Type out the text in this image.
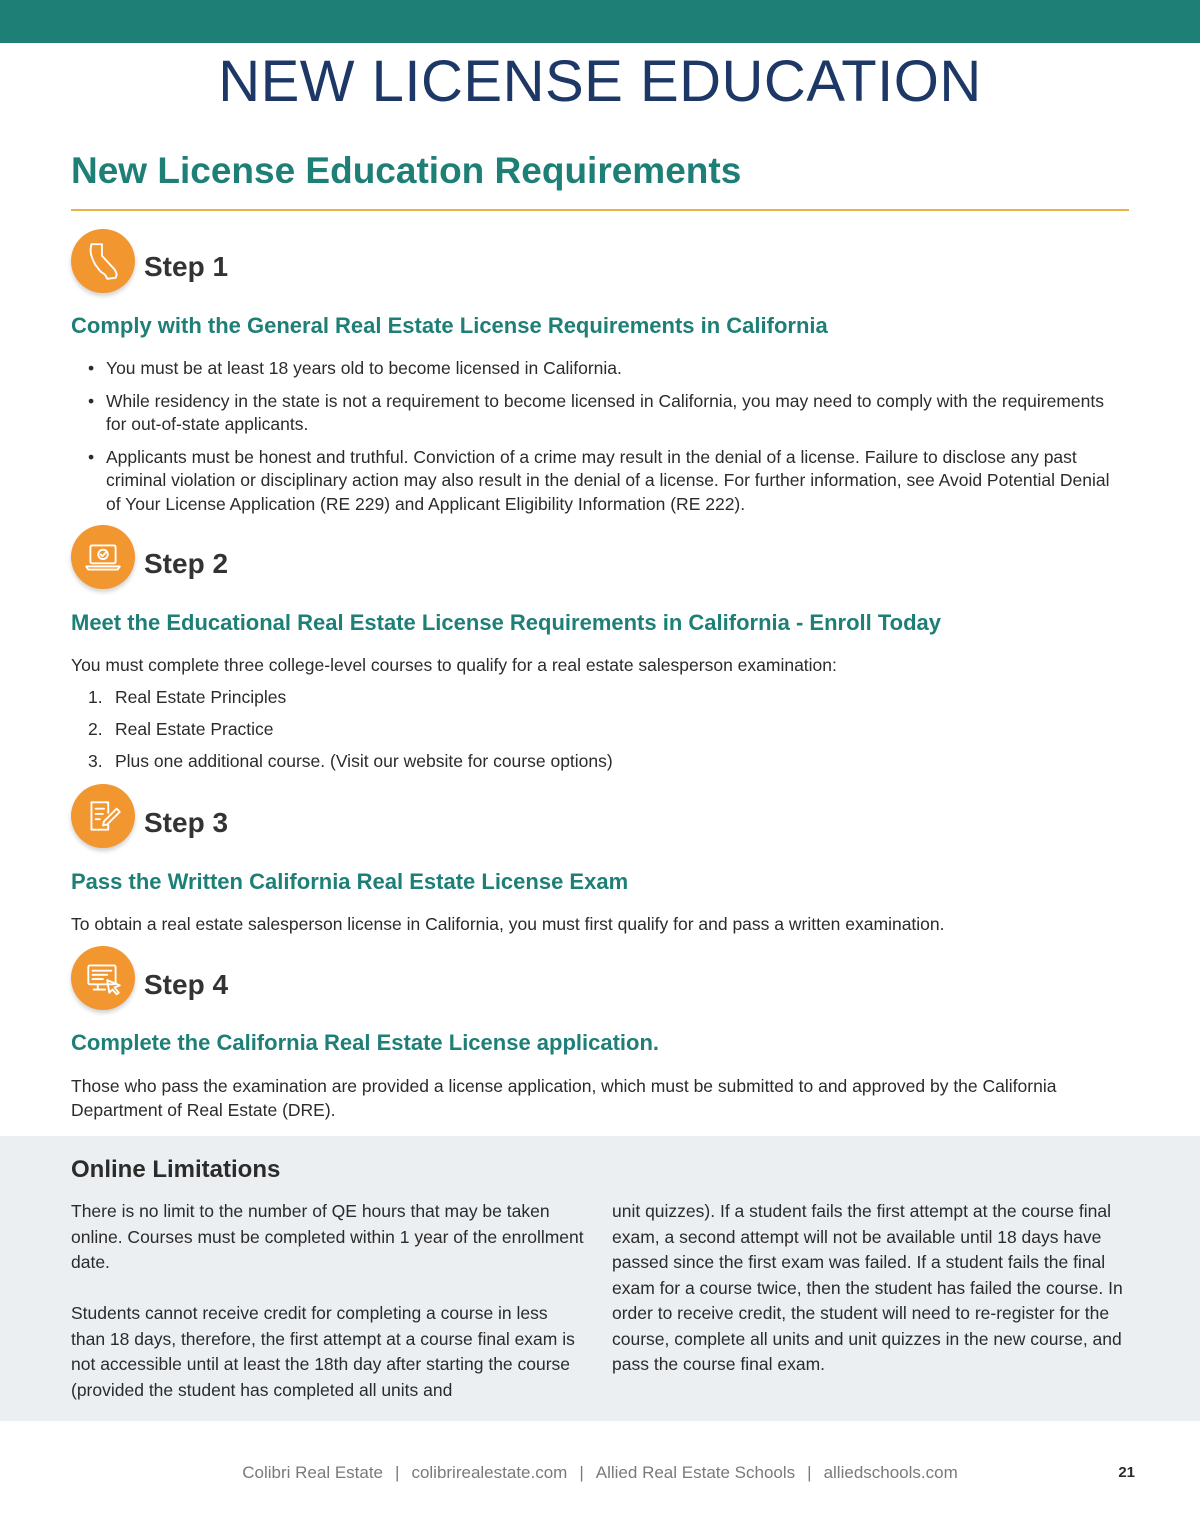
NEW LICENSE EDUCATION
New License Education Requirements
Step 1
Comply with the General Real Estate License Requirements in California
• You must be at least 18 years old to become licensed in California.
• While residency in the state is not a requirement to become licensed in California, you may need to comply with the requirements for out-of-state applicants.
• Applicants must be honest and truthful. Conviction of a crime may result in the denial of a license. Failure to disclose any past criminal violation or disciplinary action may also result in the denial of a license. For further information, see Avoid Potential Denial of Your License Application (RE 229) and Applicant Eligibility Information (RE 222).
Step 2
Meet the Educational Real Estate License Requirements in California - Enroll Today

You must complete three college-level courses to qualify for a real estate salesperson examination:

1. Real Estate Principles
2. Real Estate Practice
3. Plus one additional course. (Visit our website for course options)
Step 3
Pass the Written California Real Estate License Exam

To obtain a real estate salesperson license in California, you must first qualify for and pass a written examination.

Step 4
Complete the California Real Estate License application.

Those who pass the examination are provided a license application, which must be submitted to and approved by the California Department of Real Estate (DRE).

Online Limitations

There is no limit to the number of QE hours that may be taken online. Courses must be completed within 1 year of the enrollment date.

Students cannot receive credit for completing a course in less than 18 days, therefore, the first attempt at a course final exam is not accessible until at least the 18th day after starting the course (provided the student has completed all units and

unit quizzes). If a student fails the first attempt at the course final exam, a second attempt will not be available until 18 days have passed since the first exam was failed. If a student fails the final exam for a course twice, then the student has failed the course. In order to receive credit, the student will need to re-register for the course, complete all units and unit quizzes in the new course, and pass the course final exam.

Colibri Real Estate | colibrirealestate.com | Allied Real Estate Schools | alliedschools.com	21
